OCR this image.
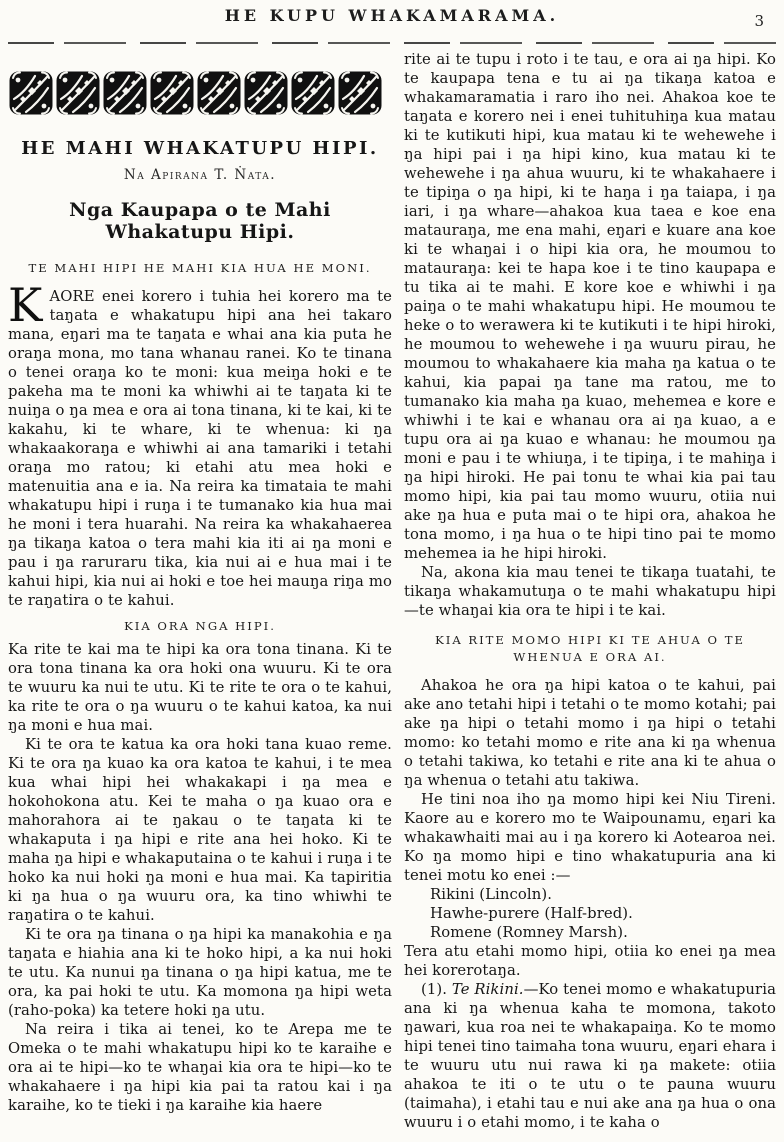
HE KUPU WHAKAMARAMA.	3
HE MAHI WHAKATUPU HIPI.
Na Apirana T. Ṅata.
Nga Kaupapa o te Mahi Whakatupu Hipi.
TE MAHI HIPI HE MAHI KIA HUA HE MONI.

KAORE enei korero i tuhia hei korero ma te taŋata e whakatupu hipi ana hei takaro mana, eŋari ma te taŋata e whai ana kia puta he oraŋa mona, mo tana whanau ranei. Ko te tinana o tenei oraŋa ko te moni: kua meiŋa hoki e te pakeha ma te moni ka whiwhi ai te taŋata ki te nuiŋa o ŋa mea e ora ai tona tinana, ki te kai, ki te kakahu, ki te whare, ki te whenua: ki ŋa whakaakoraŋa e whiwhi ai ana tamariki i tetahi oraŋa mo ratou; ki etahi atu mea hoki e matenuitia ana e ia. Na reira ka timataia te mahi whakatupu hipi i ruŋa i te tumanako kia hua mai he moni i tera huarahi. Na reira ka whakahaerea ŋa tikaŋa katoa o tera mahi kia iti ai ŋa moni e pau i ŋa raruraru tika, kia nui ai e hua mai i te kahui hipi, kia nui ai hoki e toe hei mauŋa riŋa mo te raŋatira o te kahui.

KIA ORA NGA HIPI.

Ka rite te kai ma te hipi ka ora tona tinana. Ki te ora tona tinana ka ora hoki ona wuuru. Ki te ora te wuuru ka nui te utu. Ki te rite te ora o te kahui, ka rite te ora o ŋa wuuru o te kahui katoa, ka nui ŋa moni e hua mai.

Ki te ora te katua ka ora hoki tana kuao reme. Ki te ora ŋa kuao ka ora katoa te kahui, i te mea kua whai hipi hei whakakapi i ŋa mea e hokohokona atu. Kei te maha o ŋa kuao ora e mahorahora ai te ŋakau o te taŋata ki te whakaputa i ŋa hipi e rite ana hei hoko. Ki te maha ŋa hipi e whakaputaina o te kahui i ruŋa i te hoko ka nui hoki ŋa moni e hua mai. Ka tapiritia ki ŋa hua o ŋa wuuru ora, ka tino whiwhi te raŋatira o te kahui.

Ki te ora ŋa tinana o ŋa hipi ka manakohia e ŋa taŋata e hiahia ana ki te hoko hipi, a ka nui hoki te utu. Ka nunui ŋa tinana o ŋa hipi katua, me te ora, ka pai hoki te utu. Ka momona ŋa hipi weta (raho-poka) ka tetere hoki ŋa utu.

Na reira i tika ai tenei, ko te Arepa me te Omeka o te mahi whakatupu hipi ko te karaihe e ora ai te hipi—ko te whaŋai kia ora te hipi—ko te whakahaere i ŋa hipi kia pai ta ratou kai i ŋa karaihe, ko te tieki i ŋa karaihe kia haere

rite ai te tupu i roto i te tau, e ora ai ŋa hipi. Ko te kaupapa tena e tu ai ŋa tikaŋa katoa e whakamaramatia i raro iho nei. Ahakoa koe te taŋata e korero nei i enei tuhituhiŋa kua matau ki te kutikuti hipi, kua matau ki te wehewehe i ŋa hipi pai i ŋa hipi kino, kua matau ki te wehewehe i ŋa ahua wuuru, ki te whakahaere i te tipiŋa o ŋa hipi, ki te haŋa i ŋa taiapa, i ŋa iari, i ŋa whare—ahakoa kua taea e koe ena matauraŋa, me ena mahi, eŋari e kuare ana koe ki te whaŋai i o hipi kia ora, he moumou to matauraŋa: kei te hapa koe i te tino kaupapa e tu tika ai te mahi. E kore koe e whiwhi i ŋa paiŋa o te mahi whakatupu hipi. He moumou te heke o to werawera ki te kutikuti i te hipi hiroki, he moumou to wehewehe i ŋa wuuru pirau, he moumou to whakahaere kia maha ŋa katua o te kahui, kia papai ŋa tane ma ratou, me to tumanako kia maha ŋa kuao, mehemea e kore e whiwhi i te kai e whanau ora ai ŋa kuao, a e tupu ora ai ŋa kuao e whanau: he moumou ŋa moni e pau i te whiuŋa, i te tipiŋa, i te mahiŋa i ŋa hipi hiroki. He pai tonu te whai kia pai tau momo hipi, kia pai tau momo wuuru, otiia nui ake ŋa hua e puta mai o te hipi ora, ahakoa he tona momo, i ŋa hua o te hipi tino pai te momo mehemea ia he hipi hiroki.

Na, akona kia mau tenei te tikaŋa tuatahi, te tikaŋa whakamutuŋa o te mahi whakatupu hipi—te whaŋai kia ora te hipi i te kai.

KIA RITE MOMO HIPI KI TE AHUA O TE WHENUA E ORA AI.

Ahakoa he ora ŋa hipi katoa o te kahui, pai ake ano tetahi hipi i tetahi o te momo kotahi; pai ake ŋa hipi o tetahi momo i ŋa hipi o tetahi momo: ko tetahi momo e rite ana ki ŋa whenua o tetahi takiwa, ko tetahi e rite ana ki te ahua o ŋa whenua o tetahi atu takiwa.

He tini noa iho ŋa momo hipi kei Niu Tireni. Kaore au e korero mo te Waipounamu, eŋari ka whakawhaiti mai au i ŋa korero ki Aotearoa nei. Ko ŋa momo hipi e tino whakatupuria ana ki tenei motu ko enei :—

Rikini (Lincoln).

Hawhe-purere (Half-bred).

Romene (Romney Marsh).

Tera atu etahi momo hipi, otiia ko enei ŋa mea hei korerotaŋa.

(1). Te Rikini.—Ko tenei momo e whakatupuria ana ki ŋa whenua kaha te momona, takoto ŋawari, kua roa nei te whakapaiŋa. Ko te momo hipi tenei tino taimaha tona wuuru, eŋari ehara i te wuuru utu nui rawa ki ŋa makete: otiia ahakoa te iti o te utu o te pauna wuuru (taimaha), i etahi tau e nui ake ana ŋa hua o ona wuuru i o etahi momo, i te kaha o
